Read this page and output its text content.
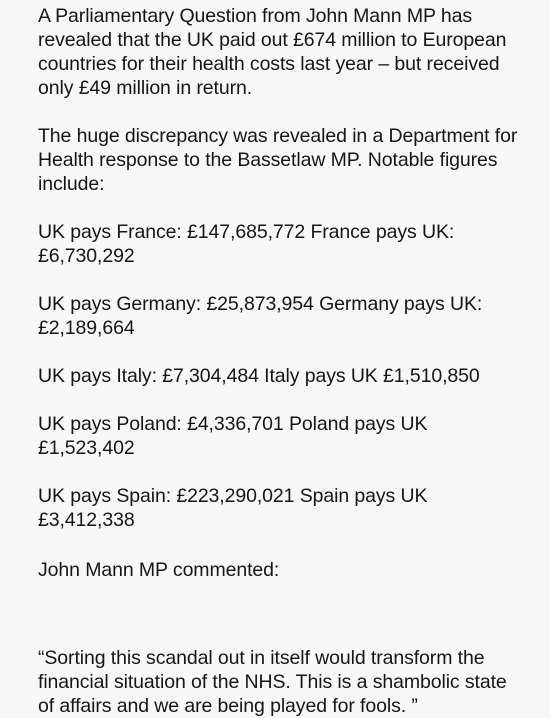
A Parliamentary Question from John Mann MP has revealed that the UK paid out £674 million to European countries for their health costs last year – but received only £49 million in return.

The huge discrepancy was revealed in a Department for Health response to the Bassetlaw MP. Notable figures include:

UK pays France: £147,685,772 France pays UK: £6,730,292

UK pays Germany: £25,873,954 Germany pays UK: £2,189,664

UK pays Italy: £7,304,484 Italy pays UK £1,510,850

UK pays Poland: £4,336,701 Poland pays UK £1,523,402

UK pays Spain: £223,290,021 Spain pays UK £3,412,338

John Mann MP commented:

“Sorting this scandal out in itself would transform the financial situation of the NHS. This is a shambolic state of affairs and we are being played for fools. ”
